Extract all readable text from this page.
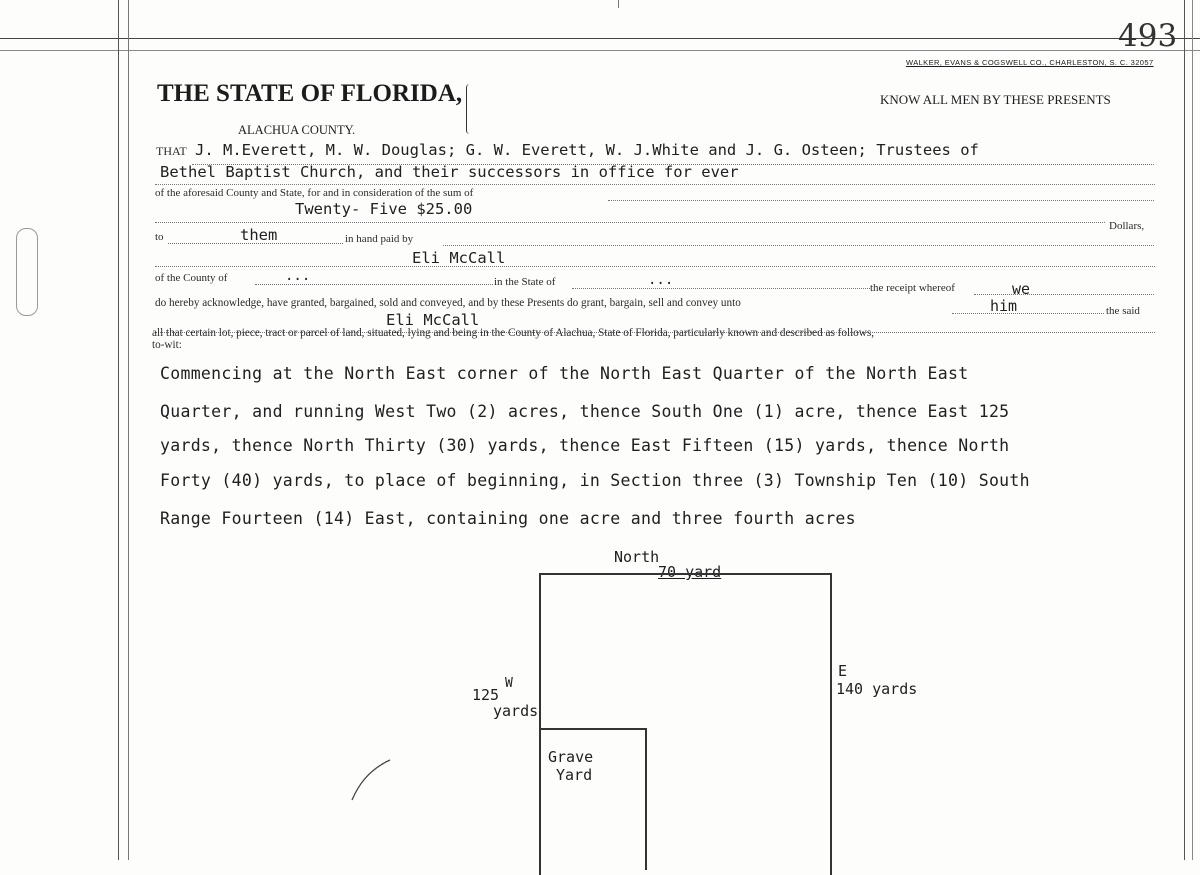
493
WALKER, EVANS & COGSWELL CO., CHARLESTON, S. C. 32057
THE STATE OF FLORIDA,	KNOW ALL MEN BY THESE PRESENTS
ALACHUA COUNTY.
THAT J. M.Everett, M. W. Douglas; G. W. Everett, W. J.White and J. G. Osteen; Trustees of
Bethel Baptist Church, and their successors in office for ever
of the aforesaid County and State, for and in consideration of the sum of
Twenty- Five $25.00
Dollars,
to	them	in hand paid by
Eli McCall
of the County of	...	in the State of	...	the receipt whereof	we
do hereby acknowledge, have granted, bargained, sold and conveyed, and by these Presents do grant, bargain, sell and convey unto	him	the said
Eli McCall
all that certain lot, piece, tract or parcel of land, situated, lying and being in the County of Alachua, State of Florida, particularly known and described as follows,
to-wit:
Commencing at the North East corner of the North East Quarter of the North East
Quarter, and running West Two (2) acres, thence South One (1) acre, thence East 125
yards, thence North Thirty (30) yards, thence East Fifteen (15) yards, thence North
Forty (40) yards, to place of beginning, in Section three (3) Township Ten (10) South
Range Fourteen (14) East, containing one acre and three fourth acres
North
70 yard
Grave
Yard
E
140 yards
125
W
yards
